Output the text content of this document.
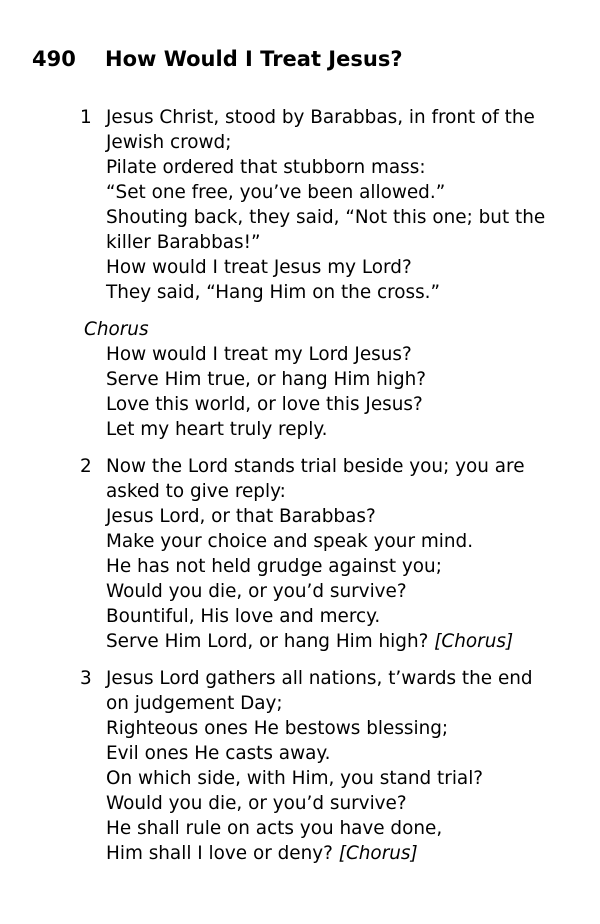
490 How Would I Treat Jesus?
1 Jesus Christ, stood by Barabbas, in front of the
Jewish crowd;
Pilate ordered that stubborn mass:
“Set one free, you’ve been allowed.”
Shouting back, they said, “Not this one; but the
killer Barabbas!”
How would I treat Jesus my Lord?
They said, “Hang Him on the cross.”
Chorus
How would I treat my Lord Jesus?
Serve Him true, or hang Him high?
Love this world, or love this Jesus?
Let my heart truly reply.
2 Now the Lord stands trial beside you; you are
asked to give reply:
Jesus Lord, or that Barabbas?
Make your choice and speak your mind.
He has not held grudge against you;
Would you die, or you’d survive?
Bountiful, His love and mercy.
Serve Him Lord, or hang Him high? [Chorus]
3 Jesus Lord gathers all nations, t’wards the end
on judgement Day;
Righteous ones He bestows blessing;
Evil ones He casts away.
On which side, with Him, you stand trial?
Would you die, or you’d survive?
He shall rule on acts you have done,
Him shall I love or deny? [Chorus]
